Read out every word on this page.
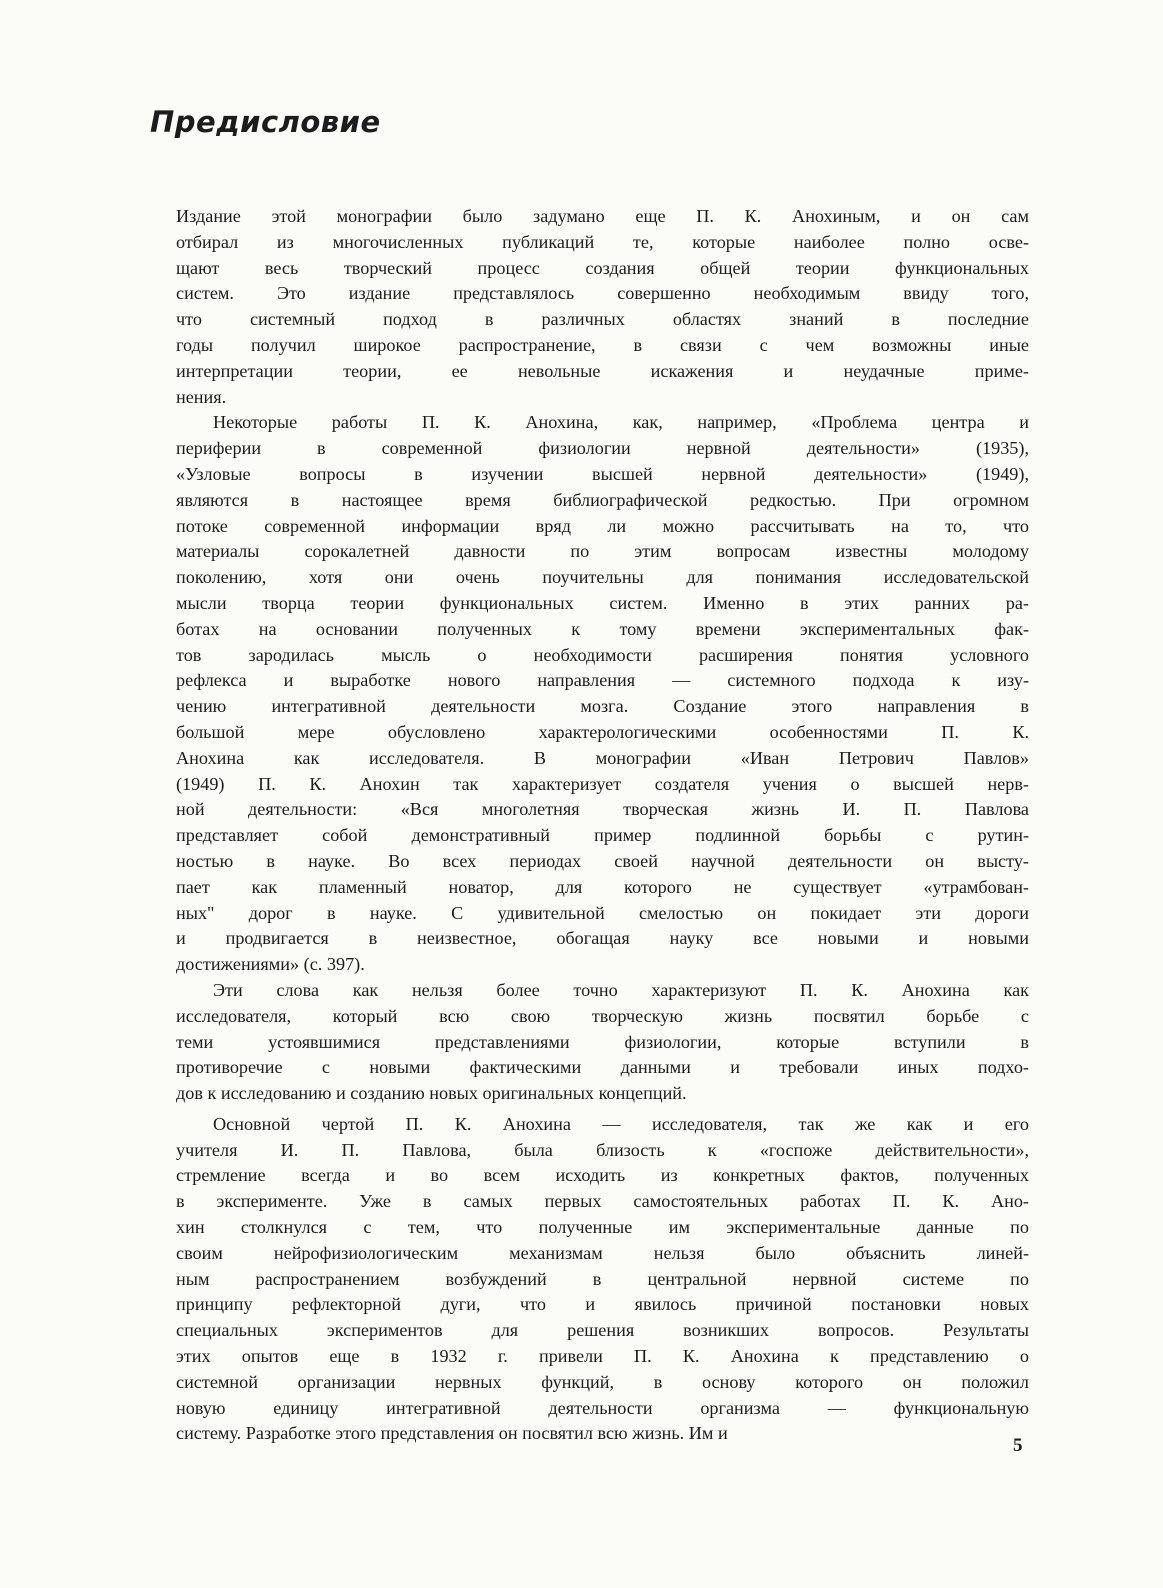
Предисловие
Издание этой монографии было задумано еще П. К. Анохиным, и он сам
отбирал из многочисленных публикаций те, которые наиболее полно осве-
щают весь творческий процесс создания общей теории функциональных
систем. Это издание представлялось совершенно необходимым ввиду того,
что системный подход в различных областях знаний в последние
годы получил широкое распространение, в связи с чем возможны иные
интерпретации теории, ее невольные искажения и неудачные приме-
нения.
Некоторые работы П. К. Анохина, как, например, «Проблема центра и
периферии в современной физиологии нервной деятельности» (1935),
«Узловые вопросы в изучении высшей нервной деятельности» (1949),
являются в настоящее время библиографической редкостью. При огромном
потоке современной информации вряд ли можно рассчитывать на то, что
материалы сорокалетней давности по этим вопросам известны молодому
поколению, хотя они очень поучительны для понимания исследовательской
мысли творца теории функциональных систем. Именно в этих ранних ра-
ботах на основании полученных к тому времени экспериментальных фак-
тов зародилась мысль о необходимости расширения понятия условного
рефлекса и выработке нового направления — системного подхода к изу-
чению интегративной деятельности мозга. Создание этого направления в
большой мере обусловлено характерологическими особенностями П. К.
Анохина как исследователя. В монографии «Иван Петрович Павлов»
(1949) П. К. Анохин так характеризует создателя учения о высшей нерв-
ной деятельности: «Вся многолетняя творческая жизнь И. П. Павлова
представляет собой демонстративный пример подлинной борьбы с рутин-
ностью в науке. Во всех периодах своей научной деятельности он высту-
пает как пламенный новатор, для которого не существует «утрамбован-
ных" дорог в науке. С удивительной смелостью он покидает эти дороги
и продвигается в неизвестное, обогащая науку все новыми и новыми
достижениями» (с. 397).
Эти слова как нельзя более точно характеризуют П. К. Анохина как
исследователя, который всю свою творческую жизнь посвятил борьбе с
теми устоявшимися представлениями физиологии, которые вступили в
противоречие с новыми фактическими данными и требовали иных подхо-
дов к исследованию и созданию новых оригинальных концепций.
Основной чертой П. К. Анохина — исследователя, так же как и его
учителя И. П. Павлова, была близость к «госпоже действительности»,
стремление всегда и во всем исходить из конкретных фактов, полученных
в эксперименте. Уже в самых первых самостоятельных работах П. К. Ано-
хин столкнулся с тем, что полученные им экспериментальные данные по
своим нейрофизиологическим механизмам нельзя было объяснить линей-
ным распространением возбуждений в центральной нервной системе по
принципу рефлекторной дуги, что и явилось причиной постановки новых
специальных экспериментов для решения возникших вопросов. Результаты
этих опытов еще в 1932 г. привели П. К. Анохина к представлению о
системной организации нервных функций, в основу которого он положил
новую единицу интегративной деятельности организма — функциональную
систему. Разработке этого представления он посвятил всю жизнь. Им и
5
